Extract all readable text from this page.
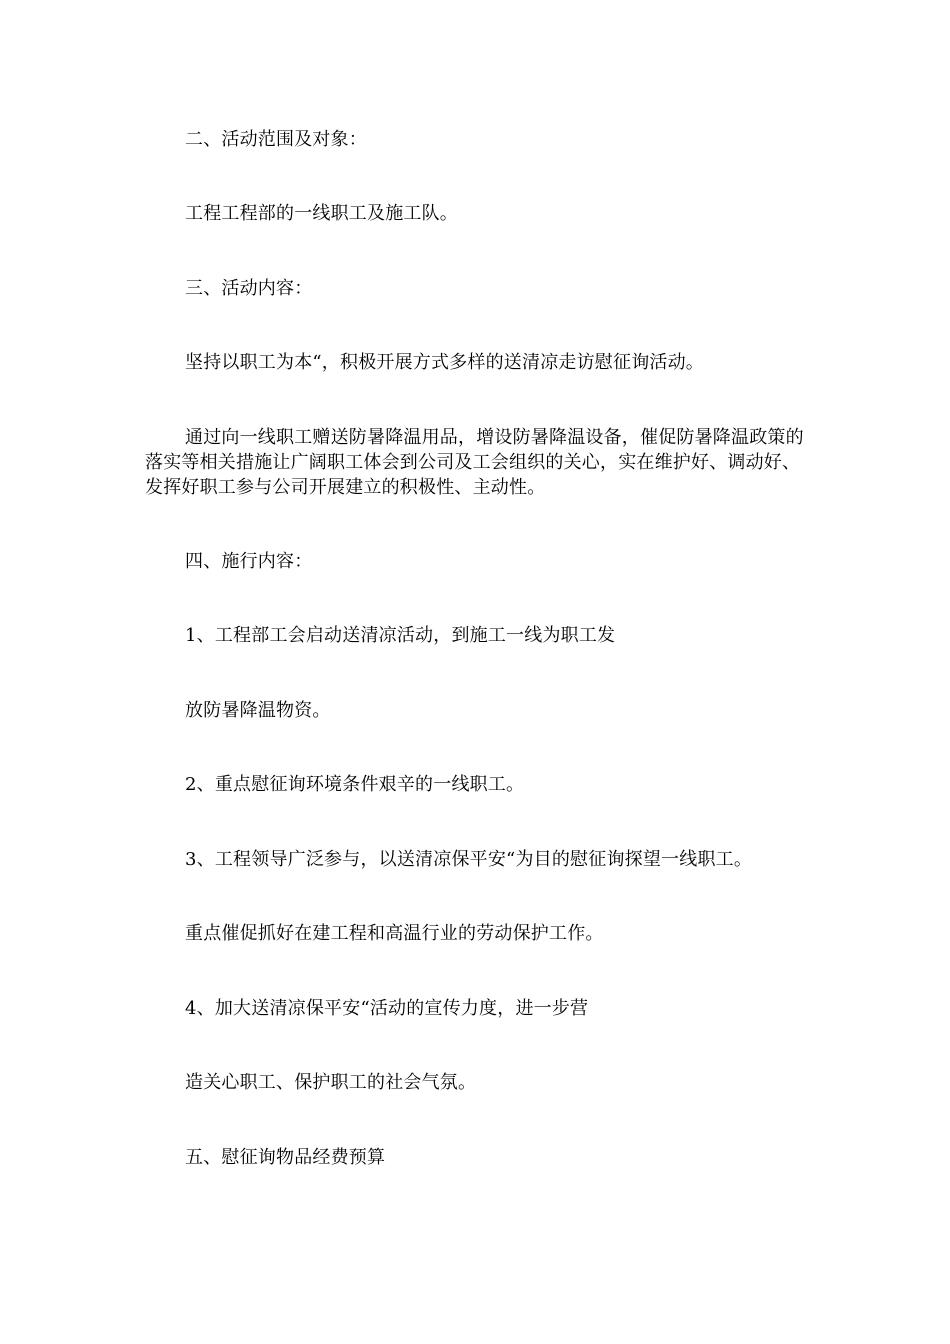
二、活动范围及对象：

工程工程部的一线职工及施工队。

三、活动内容：

坚持以职工为本“，积极开展方式多样的送清凉走访慰征询活动。

通过向一线职工赠送防暑降温用品，增设防暑降温设备，催促防暑降温政策的落实等相关措施让广阔职工体会到公司及工会组织的关心，实在维护好、调动好、发挥好职工参与公司开展建立的积极性、主动性。

四、施行内容：

1、工程部工会启动送清凉活动，到施工一线为职工发

放防暑降温物资。

2、重点慰征询环境条件艰辛的一线职工。

3、工程领导广泛参与，以送清凉保平安“为目的慰征询探望一线职工。

重点催促抓好在建工程和高温行业的劳动保护工作。

4、加大送清凉保平安“活动的宣传力度，进一步营

造关心职工、保护职工的社会气氛。

五、慰征询物品经费预算
